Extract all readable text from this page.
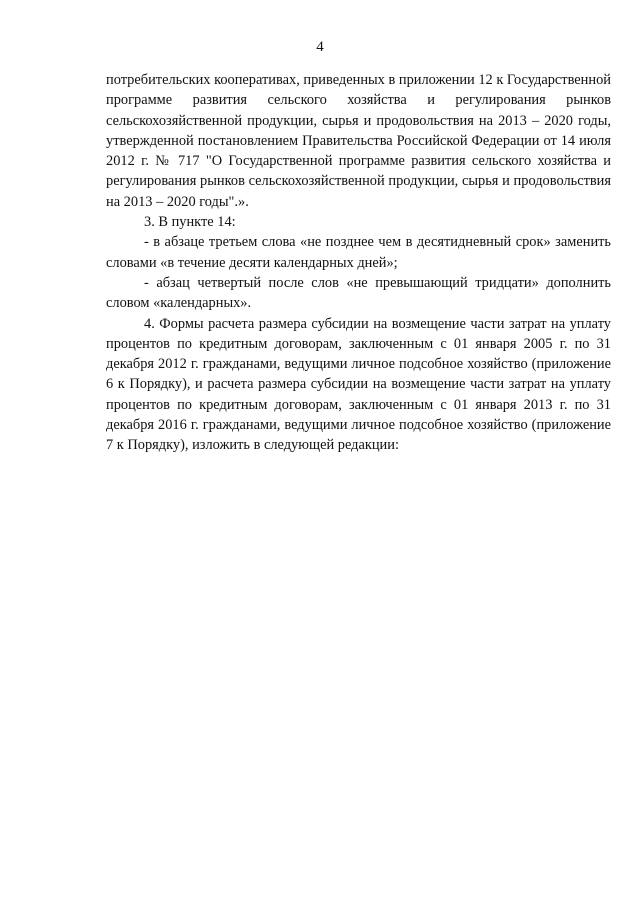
4

потребительских кооперативах, приведенных в приложении 12 к Государственной программе развития сельского хозяйства и регулирования рынков сельскохозяйственной продукции, сырья и продовольствия на 2013 – 2020 годы, утвержденной постановлением Правительства Российской Федерации от 14 июля 2012 г. № 717 "О Государственной программе развития сельского хозяйства и регулирования рынков сельскохозяйственной продукции, сырья и продовольствия на 2013 – 2020 годы".».

3. В пункте 14:

- в абзаце третьем слова «не позднее чем в десятидневный срок» заменить словами «в течение десяти календарных дней»;

- абзац четвертый после слов «не превышающий тридцати» дополнить словом «календарных».

4. Формы расчета размера субсидии на возмещение части затрат на уплату процентов по кредитным договорам, заключенным с 01 января 2005 г. по 31 декабря 2012 г. гражданами, ведущими личное подсобное хозяйство (приложение 6 к Порядку), и расчета размера субсидии на возмещение части затрат на уплату процентов по кредитным договорам, заключенным с 01 января 2013 г. по 31 декабря 2016 г. гражданами, ведущими личное подсобное хозяйство (приложение 7 к Порядку), изложить в следующей редакции:
